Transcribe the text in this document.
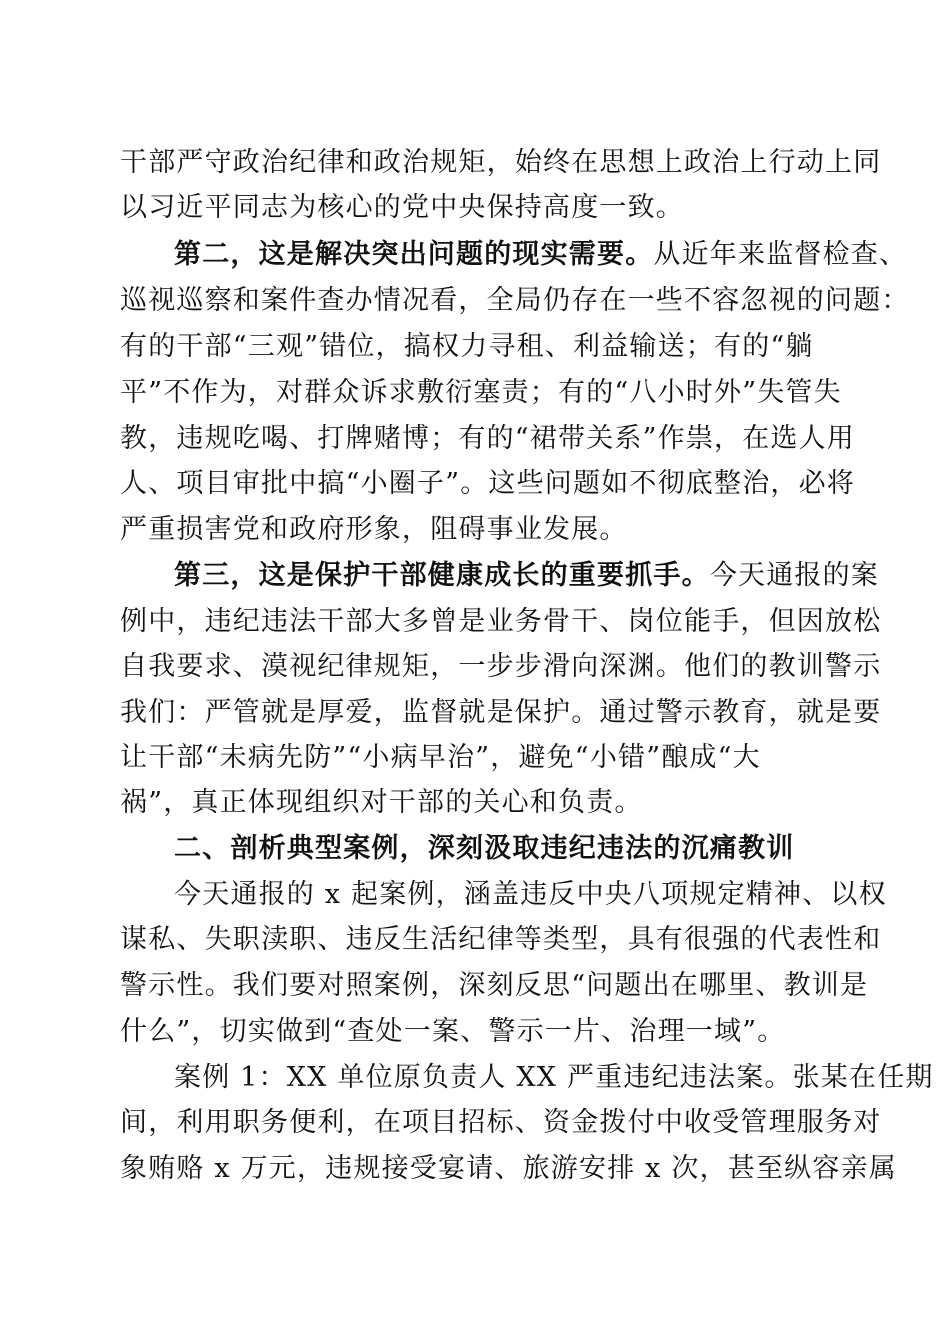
干部严守政治纪律和政治规矩，始终在思想上政治上行动上同
以习近平同志为核心的党中央保持高度一致。
第二，这是解决突出问题的现实需要。从近年来监督检查、
巡视巡察和案件查办情况看，全局仍存在一些不容忽视的问题：
有的干部“三观”错位，搞权力寻租、利益输送；有的“躺
平”不作为，对群众诉求敷衍塞责；有的“八小时外”失管失
教，违规吃喝、打牌赌博；有的“裙带关系”作祟，在选人用
人、项目审批中搞“小圈子”。这些问题如不彻底整治，必将
严重损害党和政府形象，阻碍事业发展。
第三，这是保护干部健康成长的重要抓手。今天通报的案
例中，违纪违法干部大多曾是业务骨干、岗位能手，但因放松
自我要求、漠视纪律规矩，一步步滑向深渊。他们的教训警示
我们：严管就是厚爱，监督就是保护。通过警示教育，就是要
让干部“未病先防”“小病早治”，避免“小错”酿成“大
祸”，真正体现组织对干部的关心和负责。
二、剖析典型案例，深刻汲取违纪违法的沉痛教训
今天通报的 x 起案例，涵盖违反中央八项规定精神、以权
谋私、失职渎职、违反生活纪律等类型，具有很强的代表性和
警示性。我们要对照案例，深刻反思“问题出在哪里、教训是
什么”，切实做到“查处一案、警示一片、治理一域”。
案例 1：XX 单位原负责人 XX 严重违纪违法案。张某在任期
间，利用职务便利，在项目招标、资金拨付中收受管理服务对
象贿赂 x 万元，违规接受宴请、旅游安排 x 次，甚至纵容亲属
